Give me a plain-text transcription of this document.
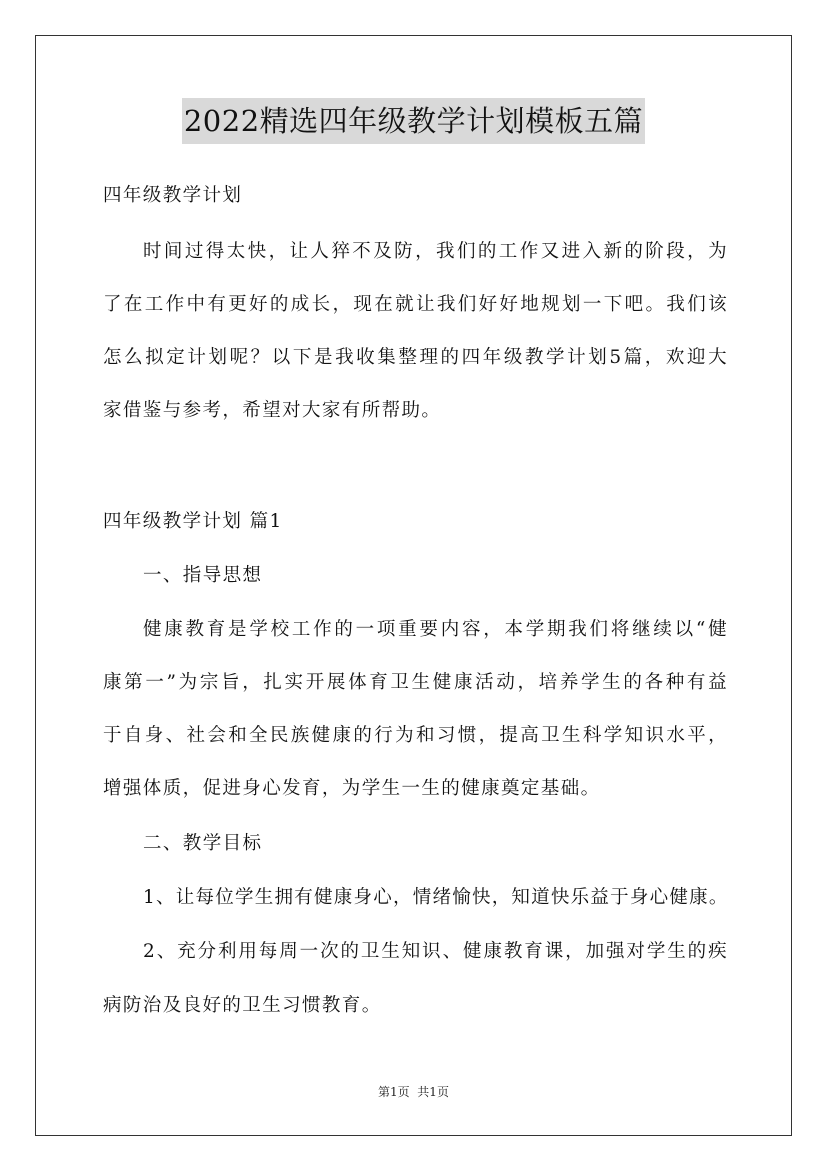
2022精选四年级教学计划模板五篇
四年级教学计划
时间过得太快，让人猝不及防，我们的工作又进入新的阶段，为
了在工作中有更好的成长，现在就让我们好好地规划一下吧。我们该
怎么拟定计划呢？以下是我收集整理的四年级教学计划5篇，欢迎大
家借鉴与参考，希望对大家有所帮助。
四年级教学计划 篇1
一、指导思想
健康教育是学校工作的一项重要内容，本学期我们将继续以“健
康第一”为宗旨，扎实开展体育卫生健康活动，培养学生的各种有益
于自身、社会和全民族健康的行为和习惯，提高卫生科学知识水平，
增强体质，促进身心发育，为学生一生的健康奠定基础。
二、教学目标
1、让每位学生拥有健康身心，情绪愉快，知道快乐益于身心健康。
2、充分利用每周一次的卫生知识、健康教育课，加强对学生的疾
病防治及良好的卫生习惯教育。
第1页  共1页
